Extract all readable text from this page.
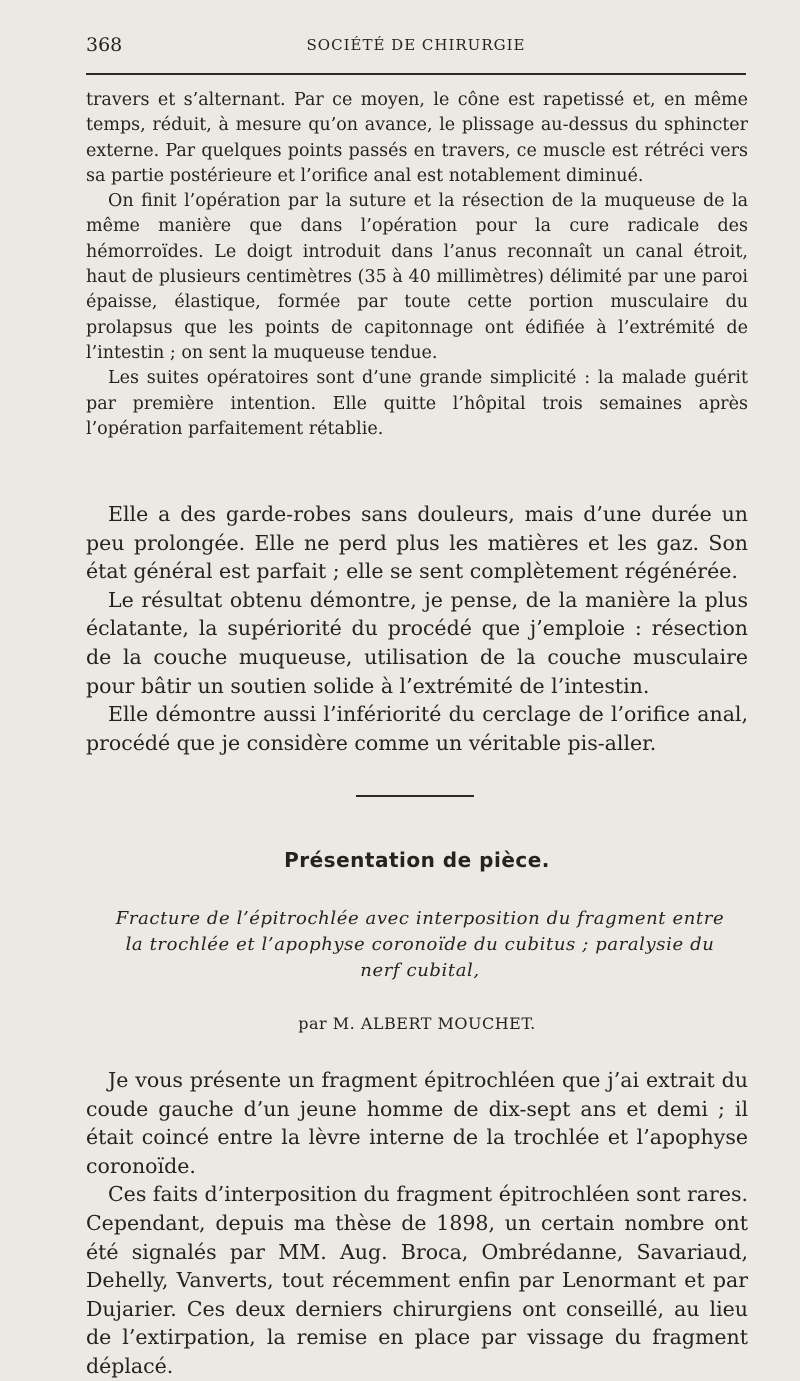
368	SOCIÉTÉ DE CHIRURGIE

travers et s’alternant. Par ce moyen, le cône est rapetissé et, en même temps, réduit, à mesure qu’on avance, le plissage au-dessus du sphincter externe. Par quelques points passés en travers, ce muscle est rétréci vers sa partie postérieure et l’orifice anal est notablement diminué.

On finit l’opération par la suture et la résection de la muqueuse de la même manière que dans l’opération pour la cure radicale des hémorroïdes. Le doigt introduit dans l’anus reconnaît un canal étroit, haut de plusieurs centimètres (35 à 40 millimètres) délimité par une paroi épaisse, élastique, formée par toute cette portion musculaire du prolapsus que les points de capitonnage ont édifiée à l’extrémité de l’intestin ; on sent la muqueuse tendue.

Les suites opératoires sont d’une grande simplicité : la malade guérit par première intention. Elle quitte l’hôpital trois semaines après l’opération parfaitement rétablie.

Elle a des garde-robes sans douleurs, mais d’une durée un peu prolongée. Elle ne perd plus les matières et les gaz. Son état général est parfait ; elle se sent complètement régénérée.

Le résultat obtenu démontre, je pense, de la manière la plus éclatante, la supériorité du procédé que j’emploie : résection de la couche muqueuse, utilisation de la couche musculaire pour bâtir un soutien solide à l’extrémité de l’intestin.

Elle démontre aussi l’infériorité du cerclage de l’orifice anal, procédé que je considère comme un véritable pis-aller.

Présentation de pièce.
Fracture de l’épitrochlée avec interposition du fragment entre la trochlée et l’apophyse coronoïde du cubitus ; paralysie du nerf cubital,
par M. ALBERT MOUCHET.

Je vous présente un fragment épitrochléen que j’ai extrait du coude gauche d’un jeune homme de dix-sept ans et demi ; il était coincé entre la lèvre interne de la trochlée et l’apophyse coronoïde.

Ces faits d’interposition du fragment épitrochléen sont rares. Cependant, depuis ma thèse de 1898, un certain nombre ont été signalés par MM. Aug. Broca, Ombrédanne, Savariaud, Dehelly, Vanverts, tout récemment enfin par Lenormant et par Dujarier. Ces deux derniers chirurgiens ont conseillé, au lieu de l’extirpation, la remise en place par vissage du fragment déplacé.
